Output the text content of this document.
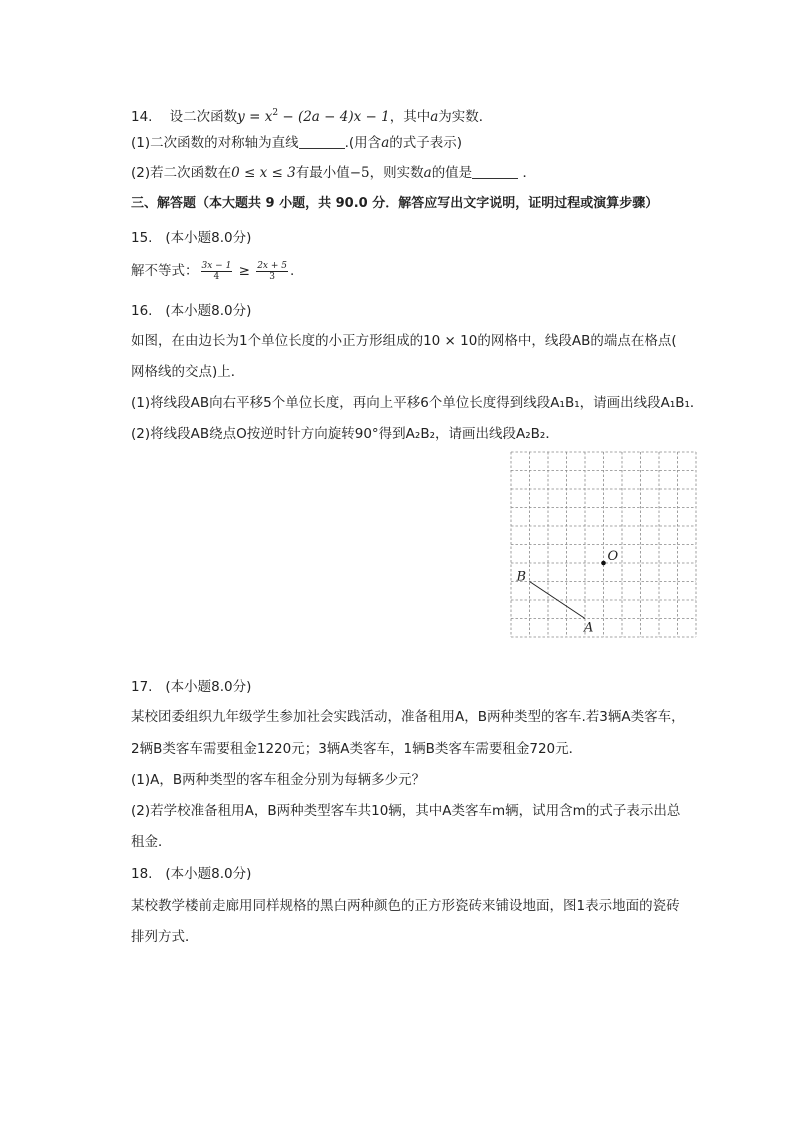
14. 设二次函数$y = x^2 - (2a - 4)x - 1$，其中a为实数．
(1)二次函数的对称轴为直线	.(用含a的式子表示)
(2)若二次函数在0 ≤ x ≤ 3有最小值−5，则实数a的值是	．
三、解答题（本大题共 9 小题，共 90.0 分．解答应写出文字说明，证明过程或演算步骤）
15. (本小题8.0分)
解不等式： $\frac{3x - 1}{4} \ge \frac{2x + 5}{3}$ .
16. (本小题8.0分)
如图，在由边长为1个单位长度的小正方形组成的10 × 10的网格中，线段AB的端点在格点(
网格线的交点)上．
(1)将线段AB向右平移5个单位长度，再向上平移6个单位长度得到线段A₁B₁，请画出线段A₁B₁．
(2)将线段AB绕点O按逆时针方向旋转90°得到A₂B₂，请画出线段A₂B₂．
B
A
O
17. (本小题8.0分)
某校团委组织九年级学生参加社会实践活动，准备租用A，B两种类型的客车.若3辆A类客车，
2辆B类客车需要租金1220元；3辆A类客车，1辆B类客车需要租金720元．
(1)A，B两种类型的客车租金分别为每辆多少元？
(2)若学校准备租用A，B两种类型客车共10辆，其中A类客车m辆，试用含m的式子表示出总
租金．
18. (本小题8.0分)
某校教学楼前走廊用同样规格的黑白两种颜色的正方形瓷砖来铺设地面，图1表示地面的瓷砖
排列方式．
